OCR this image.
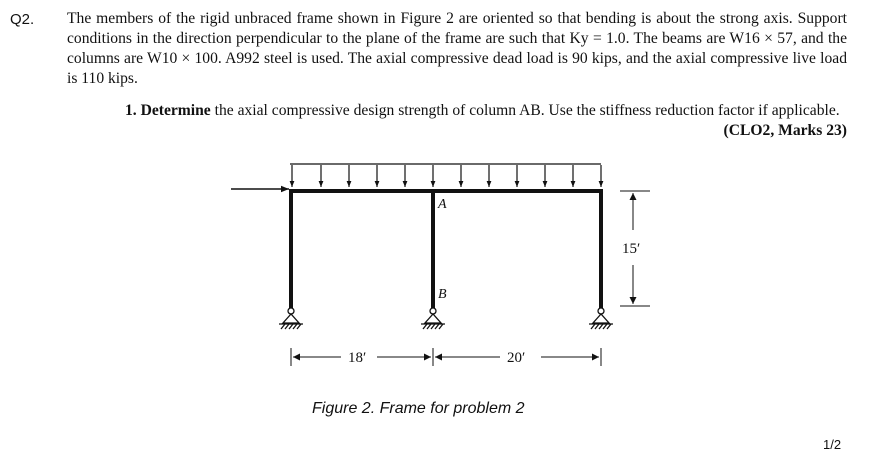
Q2. The members of the rigid unbraced frame shown in Figure 2 are oriented so that bending is about the strong axis. Support conditions in the direction perpendicular to the plane of the frame are such that Ky = 1.0. The beams are W16 × 57, and the columns are W10 × 100. A992 steel is used. The axial compressive dead load is 90 kips, and the axial compressive live load is 110 kips.
1. Determine the axial compressive design strength of column AB. Use the stiffness reduction factor if applicable.
(CLO2, Marks 23)
A
B
18′	20′
15′
Figure 2. Frame for problem 2
1/2
